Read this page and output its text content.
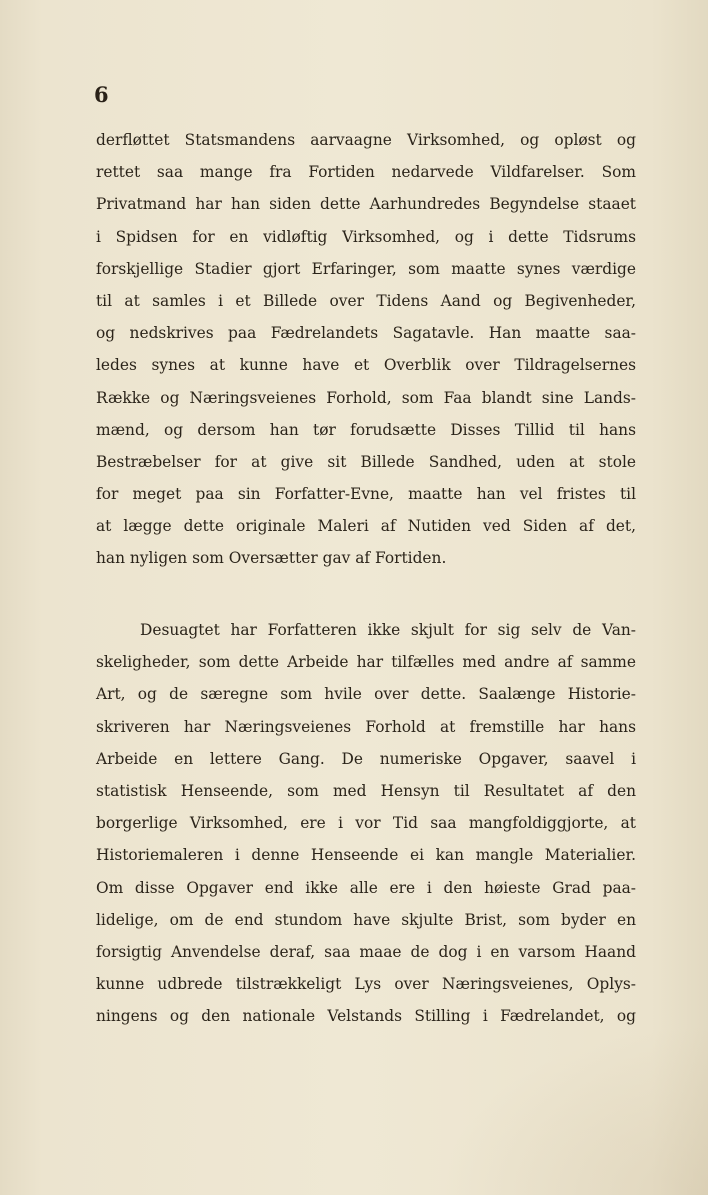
6

derfløttet Statsmandens aarvaagne Virksomhed, og opløst og
rettet saa mange fra Fortiden nedarvede Vildfarelser. Som
Privatmand har han siden dette Aarhundredes Begyndelse staaet
i Spidsen for en vidløftig Virksomhed, og i dette Tidsrums
forskjellige Stadier gjort Erfaringer, som maatte synes værdige
til at samles i et Billede over Tidens Aand og Begivenheder,
og nedskrives paa Fædrelandets Sagatavle. Han maatte saa-
ledes synes at kunne have et Overblik over Tildragelsernes
Række og Næringsveienes Forhold, som Faa blandt sine Lands-
mænd, og dersom han tør forudsætte Disses Tillid til hans
Bestræbelser for at give sit Billede Sandhed, uden at stole
for meget paa sin Forfatter-Evne, maatte han vel fristes til
at lægge dette originale Maleri af Nutiden ved Siden af det,
han nyligen som Oversætter gav af Fortiden.
Desuagtet har Forfatteren ikke skjult for sig selv de Van-
skeligheder, som dette Arbeide har tilfælles med andre af samme
Art, og de særegne som hvile over dette. Saalænge Historie-
skriveren har Næringsveienes Forhold at fremstille har hans
Arbeide en lettere Gang. De numeriske Opgaver, saavel i
statistisk Henseende, som med Hensyn til Resultatet af den
borgerlige Virksomhed, ere i vor Tid saa mangfoldiggjorte, at
Historiemaleren i denne Henseende ei kan mangle Materialier.
Om disse Opgaver end ikke alle ere i den høieste Grad paa-
lidelige, om de end stundom have skjulte Brist, som byder en
forsigtig Anvendelse deraf, saa maae de dog i en varsom Haand
kunne udbrede tilstrækkeligt Lys over Næringsveienes, Oplys-
ningens og den nationale Velstands Stilling i Fædrelandet, og
